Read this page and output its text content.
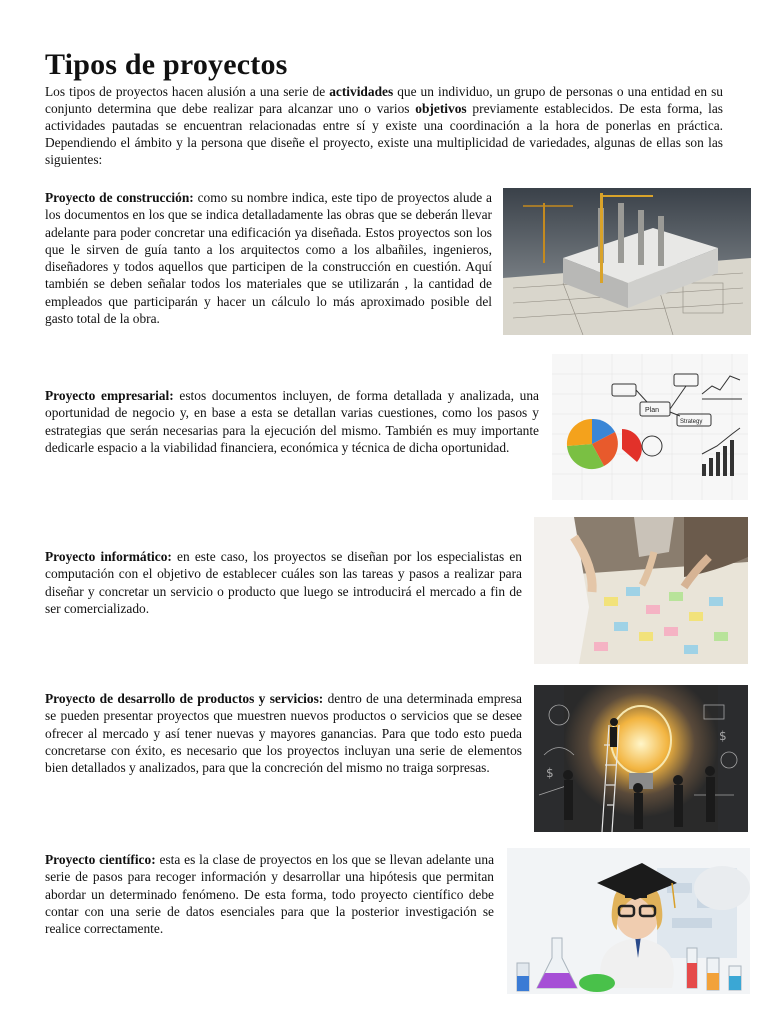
Tipos de proyectos

Los tipos de proyectos hacen alusión a una serie de actividades que un individuo, un grupo de personas o una entidad en su conjunto determina que debe realizar para alcanzar uno o varios objetivos previamente establecidos. De esta forma, las actividades pautadas se encuentran relacionadas entre sí y existe una coordinación a la hora de ponerlas en práctica. Dependiendo el ámbito y la persona que diseñe el proyecto, existe una multiplicidad de variedades, algunas de ellas son las siguientes:

Proyecto de construcción: como su nombre indica, este tipo de proyectos alude a los documentos en los que se indica detalladamente las obras que se deberán llevar adelante para poder concretar una edificación ya diseñada. Estos proyectos son los que le sirven de guía tanto a los arquitectos como a los albañiles, ingenieros, diseñadores y todos aquellos que participen de la construcción en cuestión. Aquí también se deben señalar todos los materiales que se utilizarán , la cantidad de empleados que participarán y hacer un cálculo lo más aproximado posible del gasto total de la obra.
Proyecto empresarial: estos documentos incluyen, de forma detallada y analizada, una oportunidad de negocio y, en base a esta se detallan varias cuestiones, como los pasos y estrategias que serán necesarias para la ejecución del mismo. También es muy importante dedicarle espacio a la viabilidad financiera, económica y técnica de dicha oportunidad.
Plan
Strategy
Proyecto informático: en este caso, los proyectos se diseñan por los especialistas en computación con el objetivo de establecer cuáles son las tareas y pasos a realizar para diseñar y concretar un servicio o producto que luego se introducirá el mercado a fin de ser comercializado.
Proyecto de desarrollo de productos y servicios: dentro de una determinada empresa se pueden presentar proyectos que muestren nuevos productos o servicios que se desee ofrecer al mercado y así tener nuevas y mayores ganancias. Para que todo esto pueda concretarse con éxito, es necesario que los proyectos incluyan una serie de elementos bien detallados y analizados, para que la concreción del mismo no traiga sorpresas.	$
$
Proyecto científico: esta es la clase de proyectos en los que se llevan adelante una serie de pasos para recoger información y desarrollar una hipótesis que permitan abordar un determinado fenómeno. De esta forma, todo proyecto científico debe contar con una serie de datos esenciales para que la posterior investigación se realice correctamente.
